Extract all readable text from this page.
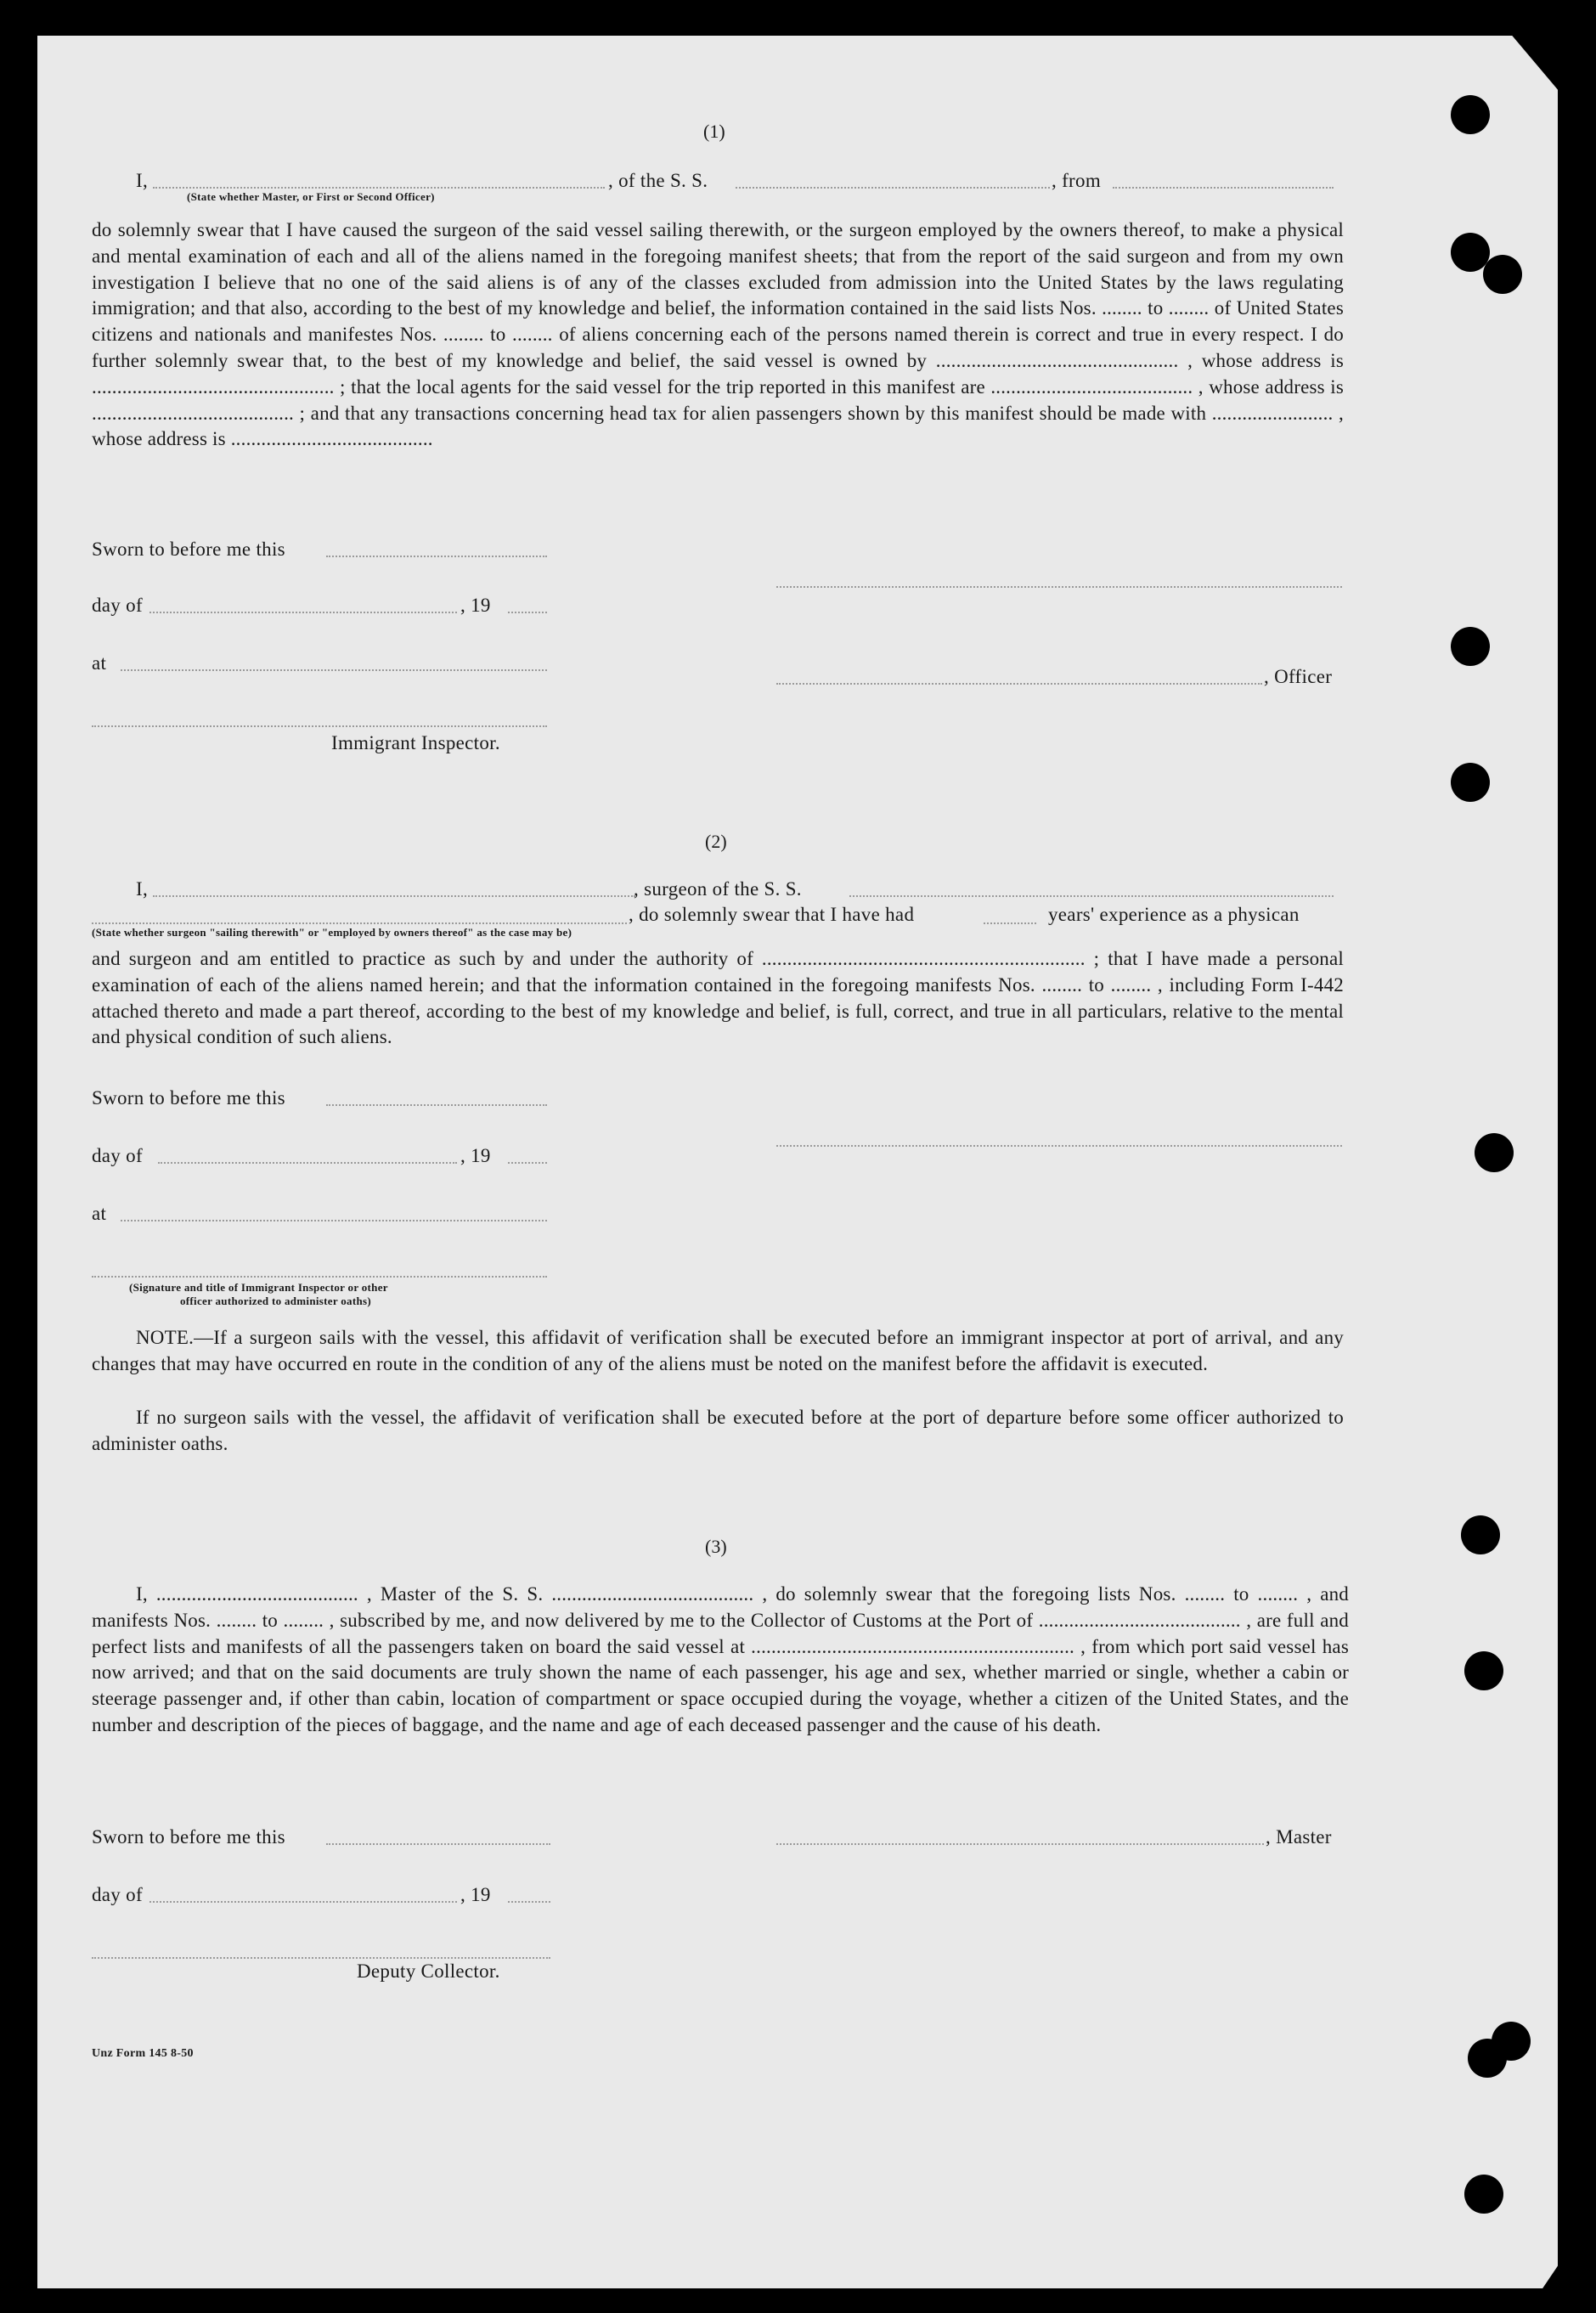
(1)
I,	, of the S. S.	, from
(State whether Master, or First or Second Officer)
do solemnly swear that I have caused the surgeon of the said vessel sailing therewith, or the surgeon employed by the owners thereof, to make a physical and mental examination of each and all of the aliens named in the foregoing manifest sheets; that from the report of the said surgeon and from my own investigation I believe that no one of the said aliens is of any of the classes excluded from admission into the United States by the laws regulating immigration; and that also, according to the best of my knowledge and belief, the information contained in the said lists Nos. ........ to ........ of United States citizens and nationals and manifestes Nos. ........ to ........ of aliens concerning each of the persons named therein is correct and true in every respect. I do further solemnly swear that, to the best of my knowledge and belief, the said vessel is owned by ................................................ , whose address is ................................................ ; that the local agents for the said vessel for the trip reported in this manifest are ........................................ , whose address is ........................................ ; and that any transactions concerning head tax for alien passengers shown by this manifest should be made with ........................ , whose address is ........................................
Sworn to before me this
day of	, 19
at
, Officer
Immigrant Inspector.
(2)
I,	, surgeon of the S. S.
, do solemnly swear that I have had	years' experience as a physican
(State whether surgeon "sailing therewith" or "employed by owners thereof" as the case may be)
and surgeon and am entitled to practice as such by and under the authority of ................................................................ ; that I have made a personal examination of each of the aliens named herein; and that the information contained in the foregoing manifests Nos. ........ to ........ , including Form I-442 attached thereto and made a part thereof, according to the best of my knowledge and belief, is full, correct, and true in all particulars, relative to the mental and physical condition of such aliens.
Sworn to before me this
day of	, 19
at
(Signature and title of Immigrant Inspector or other
officer authorized to administer oaths)
NOTE.—If a surgeon sails with the vessel, this affidavit of verification shall be executed before an immigrant inspector at port of arrival, and any changes that may have occurred en route in the condition of any of the aliens must be noted on the manifest before the affidavit is executed.
If no surgeon sails with the vessel, the affidavit of verification shall be executed before at the port of departure before some officer authorized to administer oaths.
(3)
I, ........................................ , Master of the S. S. ........................................ , do solemnly swear that the foregoing lists Nos. ........ to ........ , and manifests Nos. ........ to ........ , subscribed by me, and now delivered by me to the Collector of Customs at the Port of ........................................ , are full and perfect lists and manifests of all the passengers taken on board the said vessel at ................................................................ , from which port said vessel has now arrived; and that on the said documents are truly shown the name of each passenger, his age and sex, whether married or single, whether a cabin or steerage passenger and, if other than cabin, location of compartment or space occupied during the voyage, whether a citizen of the United States, and the number and description of the pieces of baggage, and the name and age of each deceased passenger and the cause of his death.
Sworn to before me this	, Master
day of	, 19
Deputy Collector.
Unz Form 145 8-50
